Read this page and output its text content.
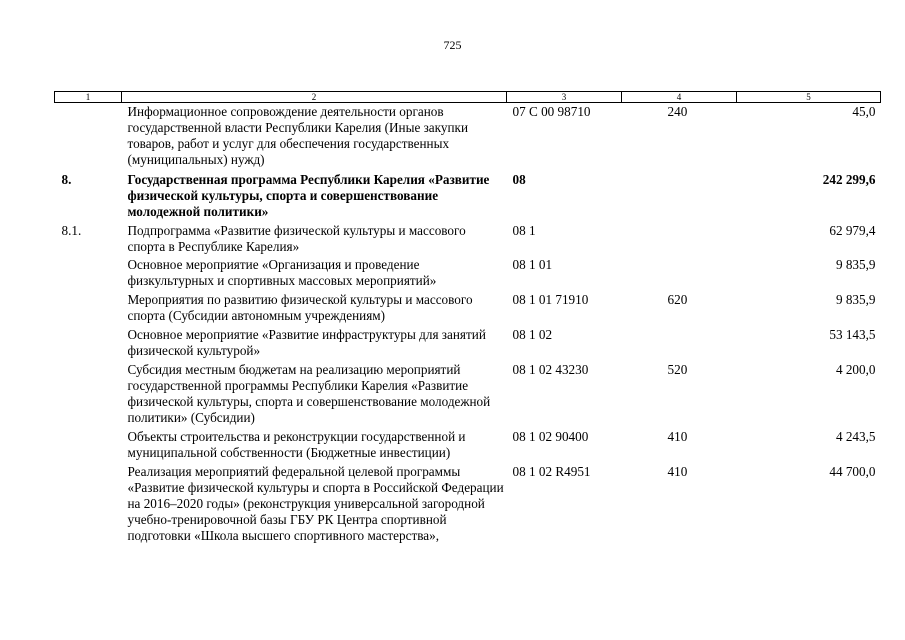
725
1	2	3	4	5
	Информационное сопровождение деятельности органов государственной власти Республики Карелия (Иные закупки товаров, работ и услуг для обеспечения государственных (муниципальных) нужд)	07 С 00 98710	240	45,0
8.	Государственная программа Республики Карелия «Развитие физической культуры, спорта и совершенствование молодежной политики»	08		242 299,6
8.1.	Подпрограмма «Развитие физической культуры и массового спорта в Республике Карелия»	08 1		62 979,4
	Основное мероприятие «Организация и проведение физкультурных и спортивных массовых мероприятий»	08 1 01		9 835,9
	Мероприятия по развитию физической культуры и массового спорта (Субсидии автономным учреждениям)	08 1 01 71910	620	9 835,9
	Основное мероприятие «Развитие инфраструктуры для занятий физической культурой»	08 1 02		53 143,5
	Субсидия местным бюджетам на реализацию мероприятий государственной программы Республики Карелия «Развитие физической культуры, спорта и совершенствование молодежной политики» (Субсидии)	08 1 02 43230	520	4 200,0
	Объекты строительства и реконструкции государственной и муниципальной собственности (Бюджетные инвестиции)	08 1 02 90400	410	4 243,5
	Реализация мероприятий федеральной целевой программы «Развитие физической культуры и спорта в Российской Федерации на 2016–2020 годы» (реконструкция универсальной загородной учебно-тренировочной базы ГБУ РК Центра спортивной подготовки «Школа высшего спортивного мастерства»,	08 1 02 R4951	410	44 700,0
